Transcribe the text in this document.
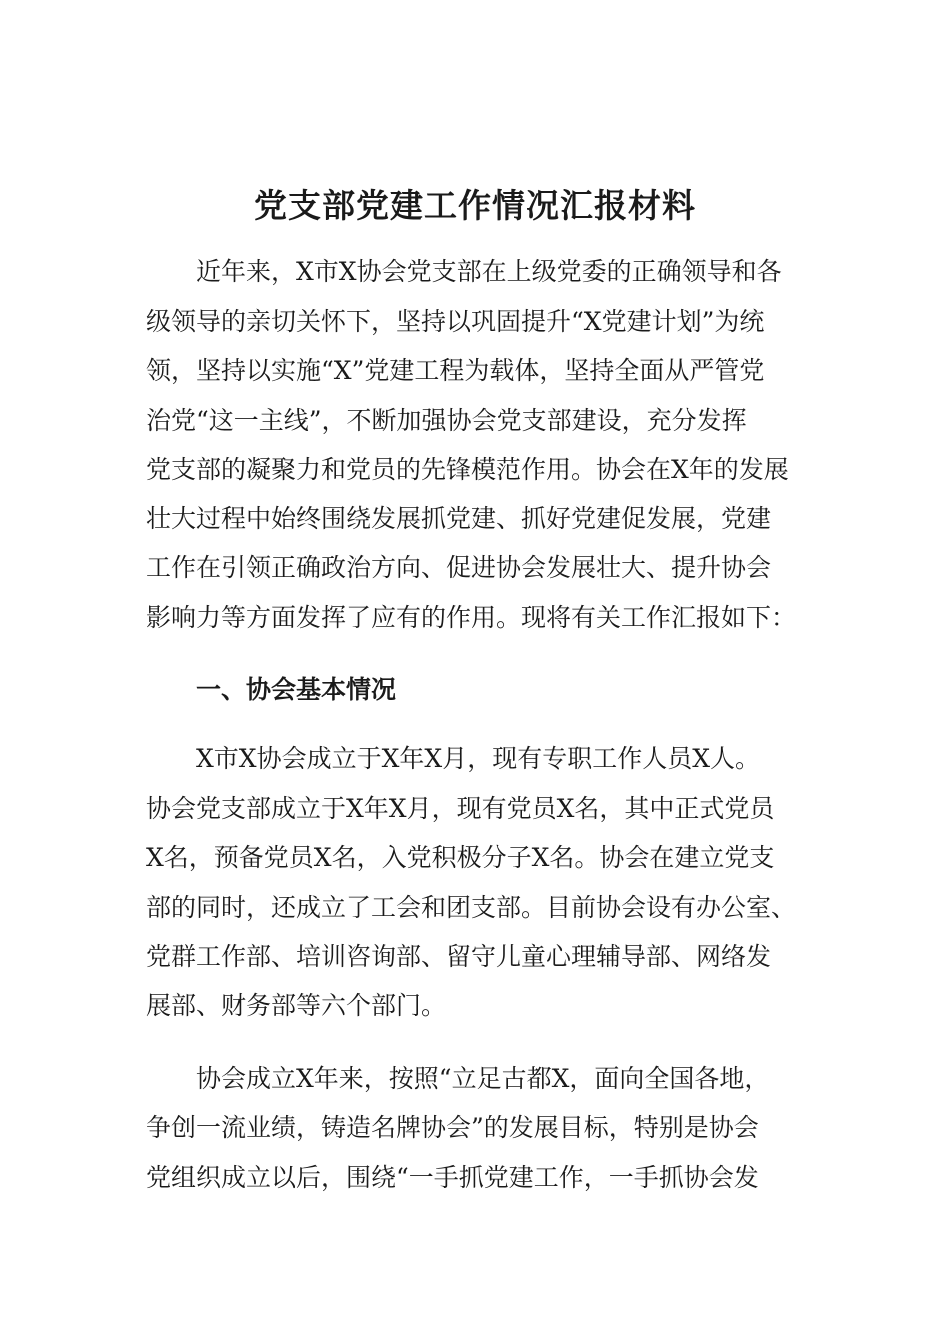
党支部党建工作情况汇报材料
近年来，X市X协会党支部在上级党委的正确领导和各
级领导的亲切关怀下，坚持以巩固提升“X党建计划”为统
领，坚持以实施“X”党建工程为载体，坚持全面从严管党
治党“这一主线”，不断加强协会党支部建设，充分发挥
党支部的凝聚力和党员的先锋模范作用。协会在X年的发展
壮大过程中始终围绕发展抓党建、抓好党建促发展，党建
工作在引领正确政治方向、促进协会发展壮大、提升协会
影响力等方面发挥了应有的作用。现将有关工作汇报如下：
一、协会基本情况
X市X协会成立于X年X月，现有专职工作人员X人。
协会党支部成立于X年X月，现有党员X名，其中正式党员
X名，预备党员X名，入党积极分子X名。协会在建立党支
部的同时，还成立了工会和团支部。目前协会设有办公室、
党群工作部、培训咨询部、留守儿童心理辅导部、网络发
展部、财务部等六个部门。
协会成立X年来，按照“立足古都X，面向全国各地，
争创一流业绩，铸造名牌协会”的发展目标，特别是协会
党组织成立以后，围绕“一手抓党建工作，一手抓协会发
